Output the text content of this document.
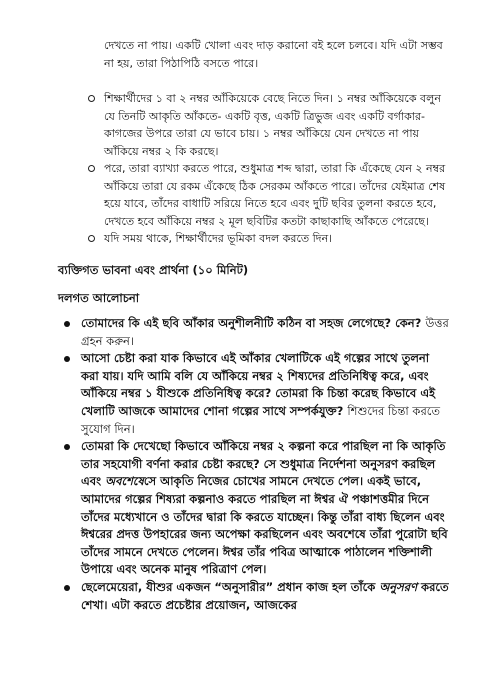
দেখতে না পায়। একটি খোলা এবং দাড় করানো বই হলে চলবে। যদি এটা সম্ভব না হয়, তারা পিঠাপিঠি বসতে পারে।

শিক্ষার্থীদের ১ বা ২ নম্বর আঁকিয়েকে বেছে নিতে দিন। ১ নম্বর আঁকিয়েকে বলুন যে তিনটি আকৃতি আঁকতে- একটি বৃত্ত, একটি ত্রিভুজ এবং একটি বর্গাকার- কাগজের উপরে তারা যে ভাবে চায়। ১ নম্বর আঁকিয়ে যেন দেখতে না পায় আঁকিয়ে নম্বর ২ কি করছে।
পরে, তারা ব্যাখ্যা করতে পারে, শুধুমাত্র শব্দ দ্বারা, তারা কি এঁকেছে যেন ২ নম্বর আঁকিয়ে তারা যে রকম এঁকেছে ঠিক সেরকম আঁকতে পারে। তাঁদের যেইমাত্র শেষ হয়ে যাবে, তাঁদের বাধাটি সরিয়ে নিতে হবে এবং দুটি ছবির তুলনা করতে হবে, দেখতে হবে আঁকিয়ে নম্বর ২ মূল ছবিটির কতটা কাছাকাছি আঁকতে পেরেছে।
যদি সময় থাকে, শিক্ষার্থীদের ভূমিকা বদল করতে দিন।
ব্যক্তিগত ভাবনা এবং প্রার্থনা (১০ মিনিট)
দলগত আলোচনা
তোমাদের কি এই ছবি আঁকার অনুশীলনীটি কঠিন বা সহজ লেগেছে? কেন? উত্তর গ্রহন করুন।
আসো চেষ্টা করা যাক কিভাবে এই আঁকার খেলাটিকে এই গল্পের সাথে তুলনা করা যায়। যদি আমি বলি যে আঁকিয়ে নম্বর ২ শিষ্যদের প্রতিনিধিত্ব করে, এবং আঁকিয়ে নম্বর ১ যীশুকে প্রতিনিধিত্ব করে? তোমরা কি চিন্তা করেছ কিভাবে এই খেলাটি আজকে আমাদের শোনা গল্পের সাথে সম্পর্কযুক্ত? শিশুদের চিন্তা করতে সুযোগ দিন।
তোমরা কি দেখেছো কিভাবে আঁকিয়ে নম্বর ২ কল্পনা করে পারছিল না কি আকৃতি তার সহযোগী বর্ণনা করার চেষ্টা করছে? সে শুধুমাত্র নির্দেশনা অনুসরণ করছিল এবং অবশেষেসে আকৃতি নিজের চোখের সামনে দেখতে পেল। একই ভাবে, আমাদের গল্পের শিষ্যরা কল্পনাও করতে পারছিল না ঈশ্বর ঐ পঞ্চাশত্তমীর দিনে তাঁদের মধ্যেখানে ও তাঁদের দ্বারা কি করতে যাচ্ছেন। কিন্তু তাঁরা বাধ্য ছিলেন এবং ঈশ্বরের প্রদত্ত উপহারের জন্য অপেক্ষা করছিলেন এবং অবশেষে তাঁরা পুরোটা ছবি তাঁদের সামনে দেখতে পেলেন। ঈশ্বর তাঁর পবিত্র আত্মাকে পাঠালেন শক্তিশালী উপায়ে এবং অনেক মানুষ পরিত্রাণ পেল।
ছেলেমেয়েরা, যীশুর একজন “অনুসারীর” প্রধান কাজ হল তাঁকে অনুসরণ করতে শেখা। এটা করতে প্রচেষ্টার প্রয়োজন, আজকের
